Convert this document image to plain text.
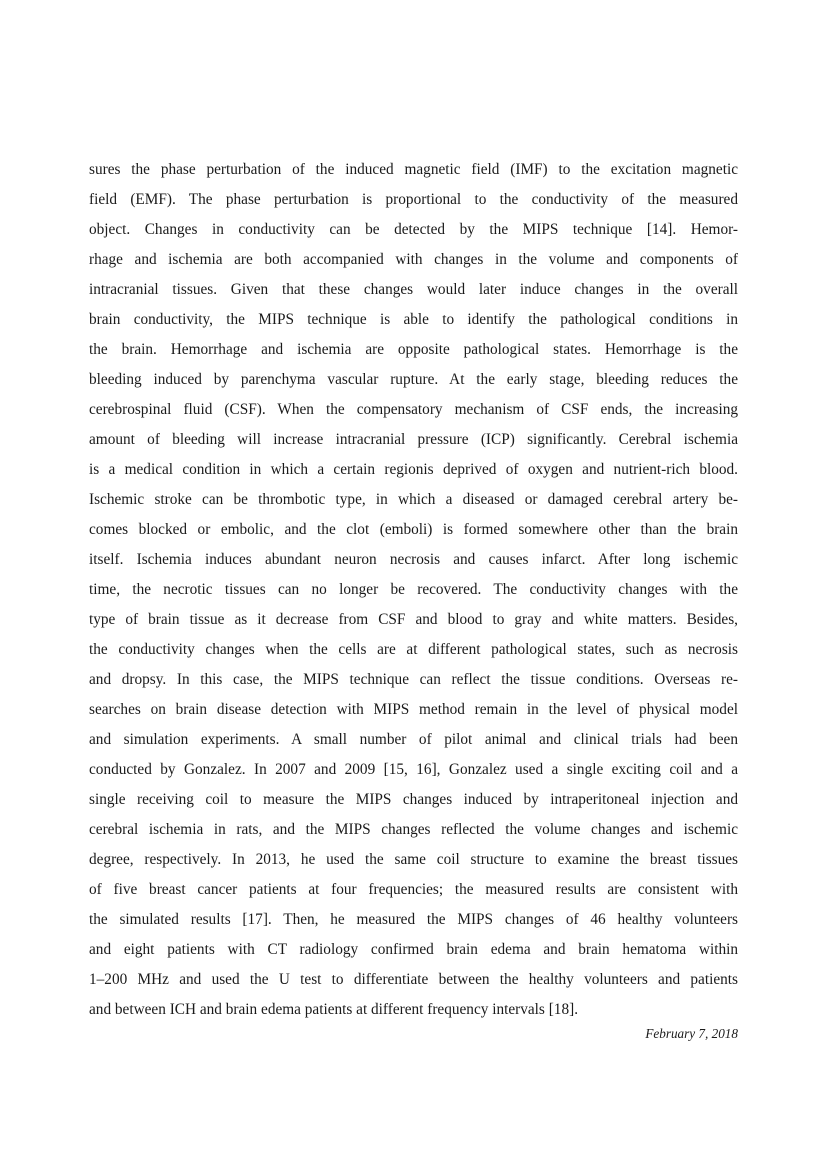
sures the phase perturbation of the induced magnetic field (IMF) to the excitation magnetic
field (EMF). The phase perturbation is proportional to the conductivity of the measured
object. Changes in conductivity can be detected by the MIPS technique [14]. Hemor-
rhage and ischemia are both accompanied with changes in the volume and components of
intracranial tissues. Given that these changes would later induce changes in the overall
brain conductivity, the MIPS technique is able to identify the pathological conditions in
the brain. Hemorrhage and ischemia are opposite pathological states. Hemorrhage is the
bleeding induced by parenchyma vascular rupture. At the early stage, bleeding reduces the
cerebrospinal fluid (CSF). When the compensatory mechanism of CSF ends, the increasing
amount of bleeding will increase intracranial pressure (ICP) significantly. Cerebral ischemia
is a medical condition in which a certain regionis deprived of oxygen and nutrient-rich blood.
Ischemic stroke can be thrombotic type, in which a diseased or damaged cerebral artery be-
comes blocked or embolic, and the clot (emboli) is formed somewhere other than the brain
itself. Ischemia induces abundant neuron necrosis and causes infarct. After long ischemic
time, the necrotic tissues can no longer be recovered. The conductivity changes with the
type of brain tissue as it decrease from CSF and blood to gray and white matters. Besides,
the conductivity changes when the cells are at different pathological states, such as necrosis
and dropsy. In this case, the MIPS technique can reflect the tissue conditions. Overseas re-
searches on brain disease detection with MIPS method remain in the level of physical model
and simulation experiments. A small number of pilot animal and clinical trials had been
conducted by Gonzalez. In 2007 and 2009 [15, 16], Gonzalez used a single exciting coil and a
single receiving coil to measure the MIPS changes induced by intraperitoneal injection and
cerebral ischemia in rats, and the MIPS changes reflected the volume changes and ischemic
degree, respectively. In 2013, he used the same coil structure to examine the breast tissues
of five breast cancer patients at four frequencies; the measured results are consistent with
the simulated results [17]. Then, he measured the MIPS changes of 46 healthy volunteers
and eight patients with CT radiology confirmed brain edema and brain hematoma within
1–200 MHz and used the U test to differentiate between the healthy volunteers and patients
and between ICH and brain edema patients at different frequency intervals [18].
February 7, 2018
